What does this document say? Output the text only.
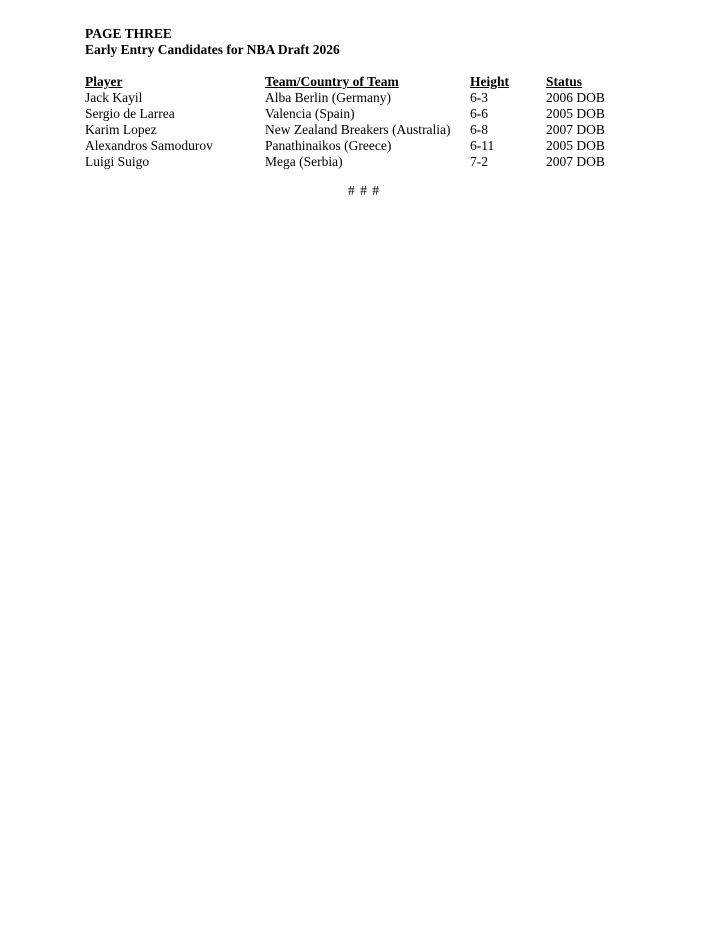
PAGE THREE

Early Entry Candidates for NBA Draft 2026

Player	Team/Country of Team	Height	Status
Jack Kayil	Alba Berlin (Germany)	6-3	2006 DOB
Sergio de Larrea	Valencia (Spain)	6-6	2005 DOB
Karim Lopez	New Zealand Breakers (Australia)	6-8	2007 DOB
Alexandros Samodurov	Panathinaikos (Greece)	6-11	2005 DOB
Luigi Suigo	Mega (Serbia)	7-2	2007 DOB
# # #
